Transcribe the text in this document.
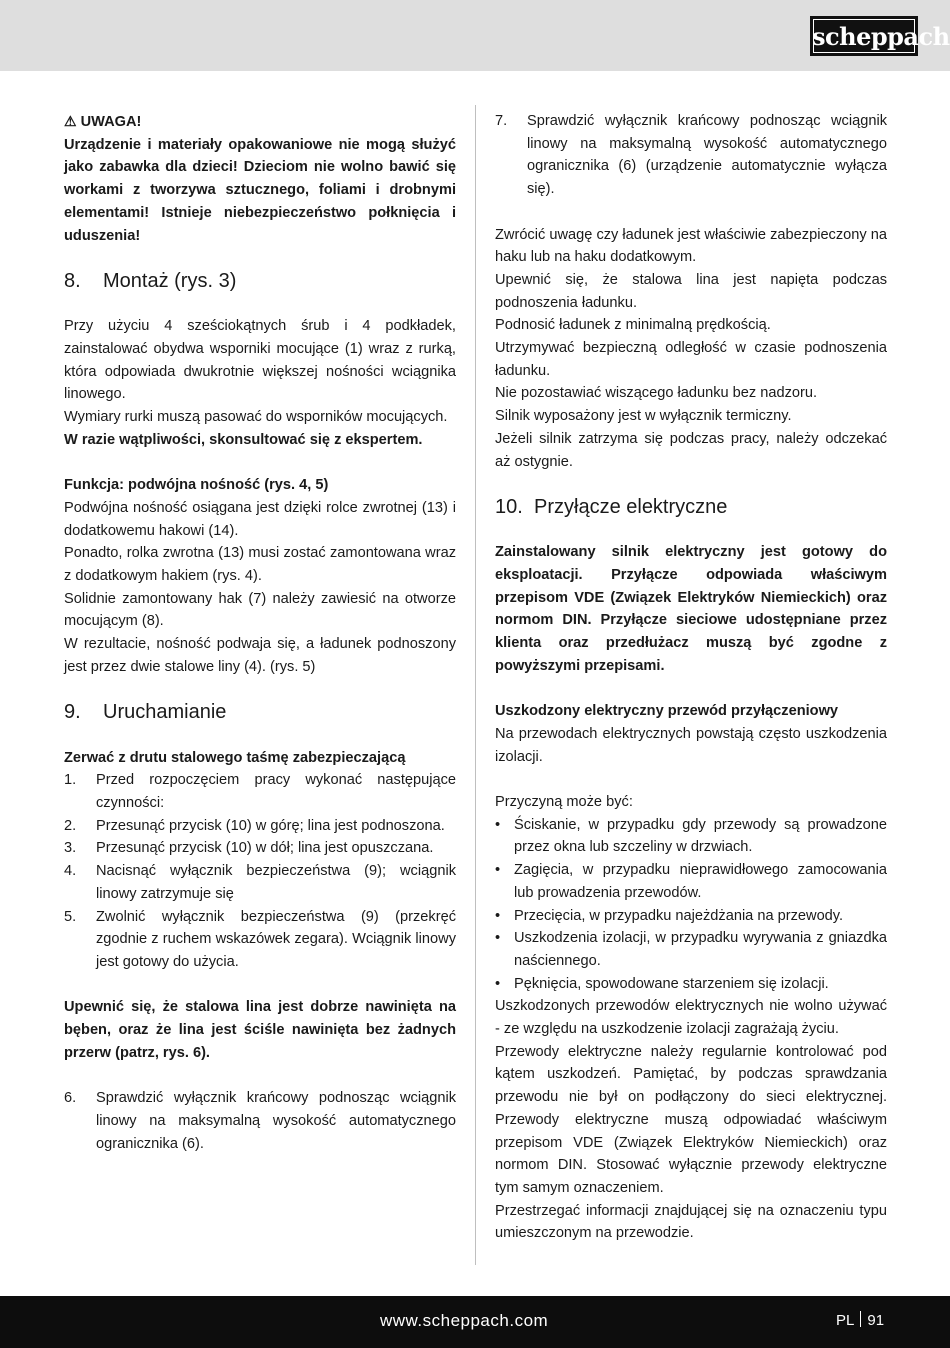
scheppach

⚠ UWAGA!

Urządzenie i materiały opakowaniowe nie mogą służyć jako zabawka dla dzieci! Dzieciom nie wolno bawić się workami z tworzywa sztucznego, foliami i drobnymi elementami! Istnieje niebezpieczeństwo połknięcia i uduszenia!

8. Montaż (rys. 3)

Przy użyciu 4 sześciokątnych śrub i 4 podkładek, zainstalować obydwa wsporniki mocujące (1) wraz z rurką, która odpowiada dwukrotnie większej nośności wciągnika linowego.

Wymiary rurki muszą pasować do wsporników mocujących.

W razie wątpliwości, skonsultować się z ekspertem.

Funkcja: podwójna nośność (rys. 4, 5)

Podwójna nośność osiągana jest dzięki rolce zwrotnej (13) i dodatkowemu hakowi (14).

Ponadto, rolka zwrotna (13) musi zostać zamontowana wraz z dodatkowym hakiem (rys. 4).

Solidnie zamontowany hak (7) należy zawiesić na otworze mocującym (8).

W rezultacie, nośność podwaja się, a ładunek podnoszony jest przez dwie stalowe liny (4). (rys. 5)

9. Uruchamianie

Zerwać z drutu stalowego taśmę zabezpieczającą

1. Przed rozpoczęciem pracy wykonać następujące czynności:
2. Przesunąć przycisk (10) w górę; lina jest podnoszona.
3. Przesunąć przycisk (10) w dół; lina jest opuszczana.
4. Nacisnąć wyłącznik bezpieczeństwa (9); wciągnik linowy zatrzymuje się
5. Zwolnić wyłącznik bezpieczeństwa (9) (przekręć zgodnie z ruchem wskazówek zegara). Wciągnik linowy jest gotowy do użycia.

Upewnić się, że stalowa lina jest dobrze nawinięta na bęben, oraz że lina jest ściśle nawinięta bez żadnych przerw (patrz, rys. 6).

6. Sprawdzić wyłącznik krańcowy podnosząc wciągnik linowy na maksymalną wysokość automatycznego ogranicznika (6).
7. Sprawdzić wyłącznik krańcowy podnosząc wciągnik linowy na maksymalną wysokość automatycznego ogranicznika (6) (urządzenie automatycznie wyłącza się).

Zwrócić uwagę czy ładunek jest właściwie zabezpieczony na haku lub na haku dodatkowym.

Upewnić się, że stalowa lina jest napięta podczas podnoszenia ładunku.

Podnosić ładunek z minimalną prędkością.

Utrzymywać bezpieczną odległość w czasie podnoszenia ładunku.

Nie pozostawiać wiszącego ładunku bez nadzoru.

Silnik wyposażony jest w wyłącznik termiczny.

Jeżeli silnik zatrzyma się podczas pracy, należy odczekać aż ostygnie.

10. Przyłącze elektryczne

Zainstalowany silnik elektryczny jest gotowy do eksploatacji. Przyłącze odpowiada właściwym przepisom VDE (Związek Elektryków Niemieckich) oraz normom DIN. Przyłącze sieciowe udostępniane przez klienta oraz przedłużacz muszą być zgodne z powyższymi przepisami.

Uszkodzony elektryczny przewód przyłączeniowy

Na przewodach elektrycznych powstają często uszkodzenia izolacji.

Przyczyną może być:

• Ściskanie, w przypadku gdy przewody są prowadzone przez okna lub szczeliny w drzwiach.
• Zagięcia, w przypadku nieprawidłowego zamocowania lub prowadzenia przewodów.
• Przecięcia, w przypadku najeżdżania na przewody.
• Uszkodzenia izolacji, w przypadku wyrywania z gniazdka naściennego.
• Pęknięcia, spowodowane starzeniem się izolacji.

Uszkodzonych przewodów elektrycznych nie wolno używać - ze względu na uszkodzenie izolacji zagrażają życiu.

Przewody elektryczne należy regularnie kontrolować pod kątem uszkodzeń. Pamiętać, by podczas sprawdzania przewodu nie był on podłączony do sieci elektrycznej. Przewody elektryczne muszą odpowiadać właściwym przepisom VDE (Związek Elektryków Niemieckich) oraz normom DIN. Stosować wyłącznie przewody elektryczne tym samym oznaczeniem.

Przestrzegać informacji znajdującej się na oznaczeniu typu umieszczonym na przewodzie.

www.scheppach.com	PL 91
